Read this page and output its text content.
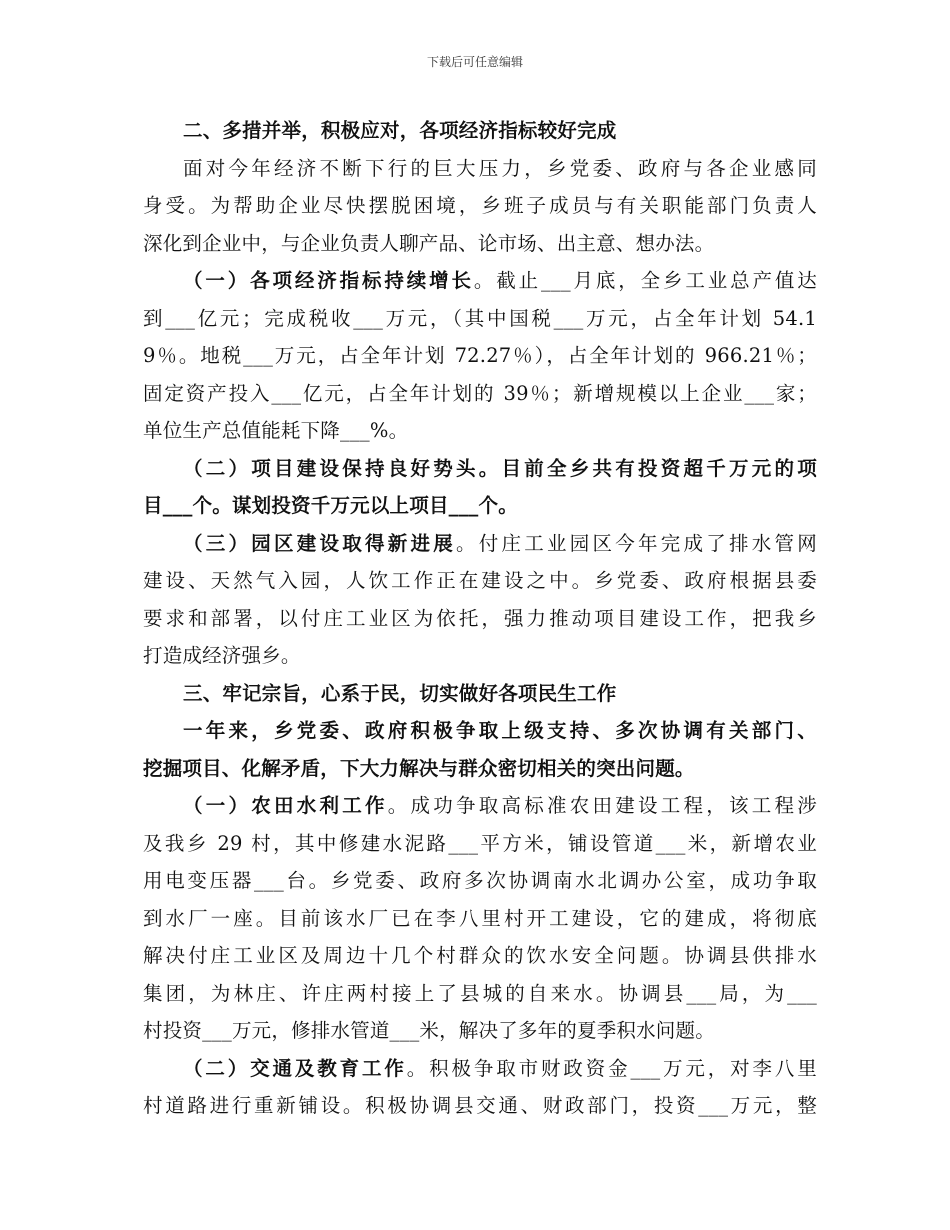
下载后可任意编辑
二、多措并举，积极应对，各项经济指标较好完成
面对今年经济不断下行的巨大压力，乡党委、政府与各企业感同
身受。为帮助企业尽快摆脱困境，乡班子成员与有关职能部门负责人
深化到企业中，与企业负责人聊产品、论市场、出主意、想办法。
（一）各项经济指标持续增长。截止___月底，全乡工业总产值达
到___亿元；完成税收___万元，（其中国税___万元，占全年计划 54.1
9％。地税___万元，占全年计划 72.27％），占全年计划的 966.21％；
固定资产投入___亿元，占全年计划的 39％；新增规模以上企业___家；
单位生产总值能耗下降___%。
（二）项目建设保持良好势头。目前全乡共有投资超千万元的项
目___个。谋划投资千万元以上项目___个。
（三）园区建设取得新进展。付庄工业园区今年完成了排水管网
建设、天然气入园，人饮工作正在建设之中。乡党委、政府根据县委
要求和部署，以付庄工业区为依托，强力推动项目建设工作，把我乡
打造成经济强乡。
三、牢记宗旨，心系于民，切实做好各项民生工作
一年来，乡党委、政府积极争取上级支持、多次协调有关部门、
挖掘项目、化解矛盾，下大力解决与群众密切相关的突出问题。
（一）农田水利工作。成功争取高标准农田建设工程，该工程涉
及我乡 29 村，其中修建水泥路___平方米，铺设管道___米，新增农业
用电变压器___台。乡党委、政府多次协调南水北调办公室，成功争取
到水厂一座。目前该水厂已在李八里村开工建设，它的建成，将彻底
解决付庄工业区及周边十几个村群众的饮水安全问题。协调县供排水
集团，为林庄、许庄两村接上了县城的自来水。协调县___局，为___
村投资___万元，修排水管道___米，解决了多年的夏季积水问题。
（二）交通及教育工作。积极争取市财政资金___万元，对李八里
村道路进行重新铺设。积极协调县交通、财政部门，投资___万元，整
